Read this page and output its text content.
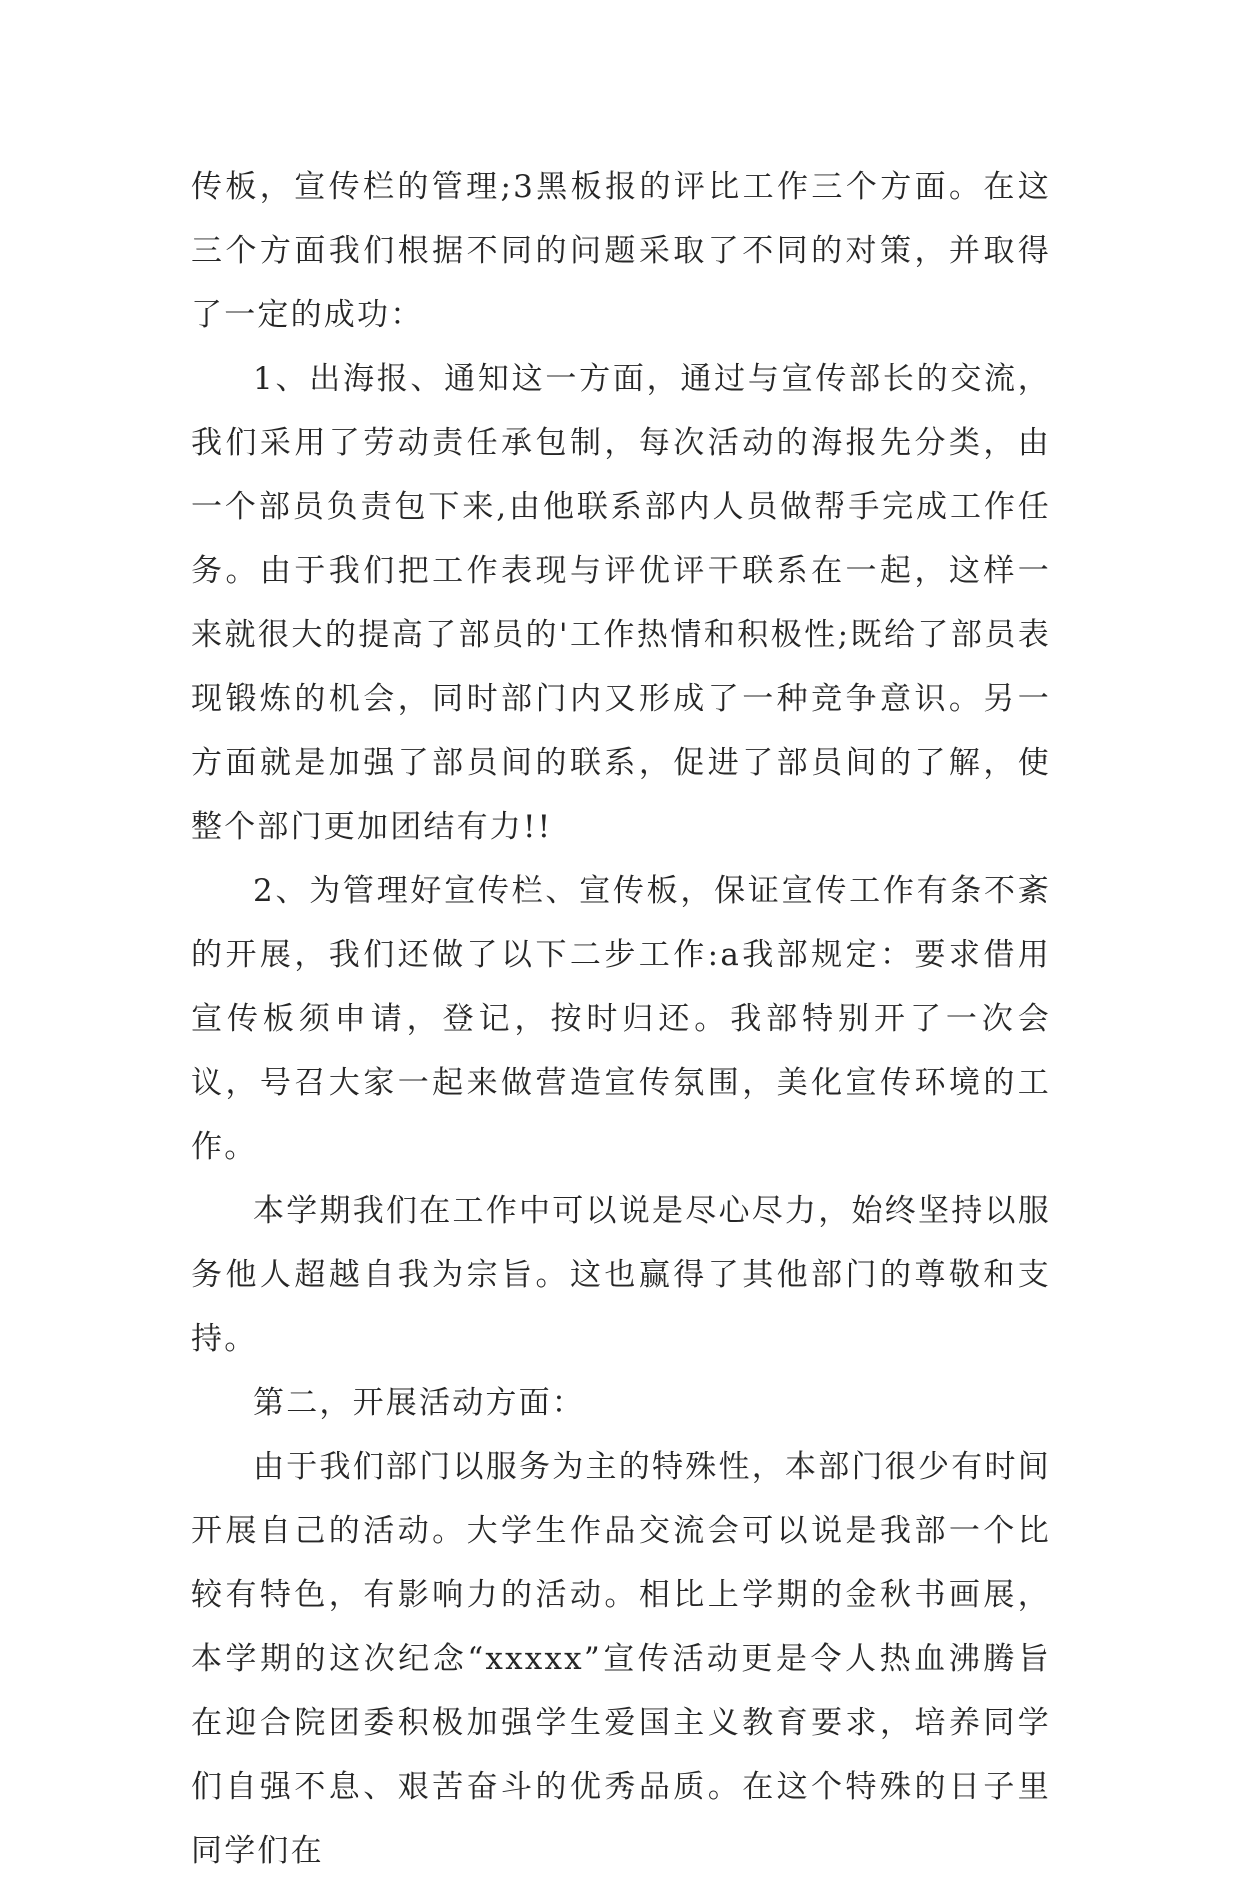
传板，宣传栏的管理;3黑板报的评比工作三个方面。在这三个方面我们根据不同的问题采取了不同的对策，并取得了一定的成功：

1、出海报、通知这一方面，通过与宣传部长的交流，我们采用了劳动责任承包制，每次活动的海报先分类，由一个部员负责包下来,由他联系部内人员做帮手完成工作任务。由于我们把工作表现与评优评干联系在一起，这样一来就很大的提高了部员的'工作热情和积极性;既给了部员表现锻炼的机会，同时部门内又形成了一种竞争意识。另一方面就是加强了部员间的联系，促进了部员间的了解，使整个部门更加团结有力!!

2、为管理好宣传栏、宣传板，保证宣传工作有条不紊的开展，我们还做了以下二步工作:a我部规定：要求借用宣传板须申请，登记，按时归还。我部特别开了一次会议，号召大家一起来做营造宣传氛围，美化宣传环境的工作。

本学期我们在工作中可以说是尽心尽力，始终坚持以服务他人超越自我为宗旨。这也赢得了其他部门的尊敬和支持。

第二，开展活动方面：

由于我们部门以服务为主的特殊性，本部门很少有时间开展自己的活动。大学生作品交流会可以说是我部一个比较有特色，有影响力的活动。相比上学期的金秋书画展，本学期的这次纪念“xxxxx”宣传活动更是令人热血沸腾旨在迎合院团委积极加强学生爱国主义教育要求，培养同学们自强不息、艰苦奋斗的优秀品质。在这个特殊的日子里同学们在
